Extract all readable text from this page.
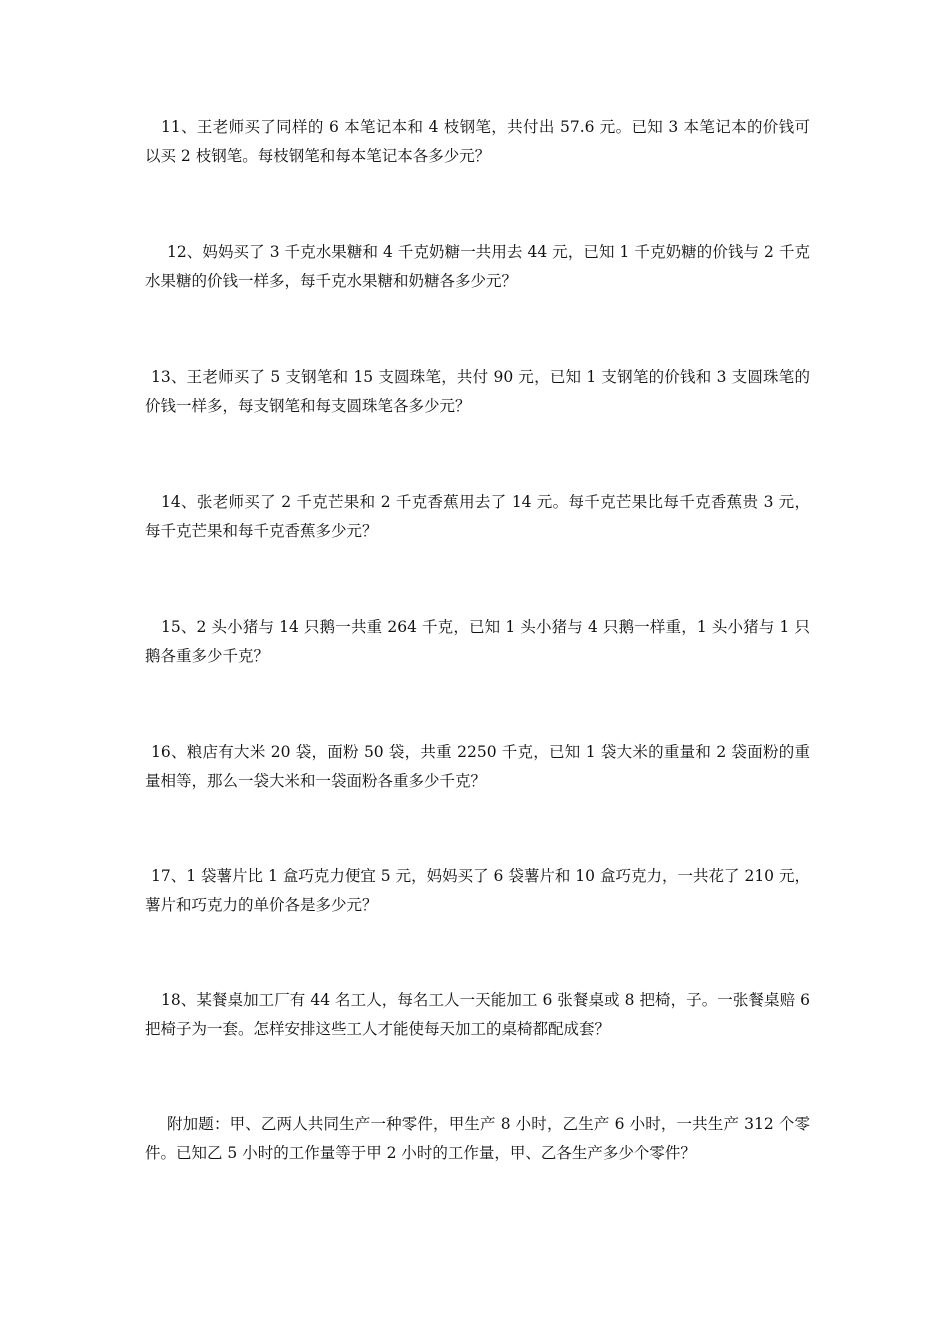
11、王老师买了同样的 6 本笔记本和 4 枝钢笔，共付出 57.6 元。已知 3 本笔记本的价钱可以买 2 枝钢笔。每枝钢笔和每本笔记本各多少元？

12、妈妈买了 3 千克水果糖和 4 千克奶糖一共用去 44 元，已知 1 千克奶糖的价钱与 2 千克水果糖的价钱一样多，每千克水果糖和奶糖各多少元？

13、王老师买了 5 支钢笔和 15 支圆珠笔，共付 90 元，已知 1 支钢笔的价钱和 3 支圆珠笔的价钱一样多，每支钢笔和每支圆珠笔各多少元？

14、张老师买了 2 千克芒果和 2 千克香蕉用去了 14 元。每千克芒果比每千克香蕉贵 3 元，每千克芒果和每千克香蕉多少元？

15、2 头小猪与 14 只鹅一共重 264 千克，已知 1 头小猪与 4 只鹅一样重，1 头小猪与 1 只鹅各重多少千克？

16、粮店有大米 20 袋，面粉 50 袋，共重 2250 千克，已知 1 袋大米的重量和 2 袋面粉的重量相等，那么一袋大米和一袋面粉各重多少千克？

17、1 袋薯片比 1 盒巧克力便宜 5 元，妈妈买了 6 袋薯片和 10 盒巧克力，一共花了 210 元，薯片和巧克力的单价各是多少元？

18、某餐桌加工厂有 44 名工人，每名工人一天能加工 6 张餐桌或 8 把椅，子。一张餐桌赔 6 把椅子为一套。怎样安排这些工人才能使每天加工的桌椅都配成套？

附加题：甲、乙两人共同生产一种零件，甲生产 8 小时，乙生产 6 小时，一共生产 312 个零件。已知乙 5 小时的工作量等于甲 2 小时的工作量，甲、乙各生产多少个零件？
